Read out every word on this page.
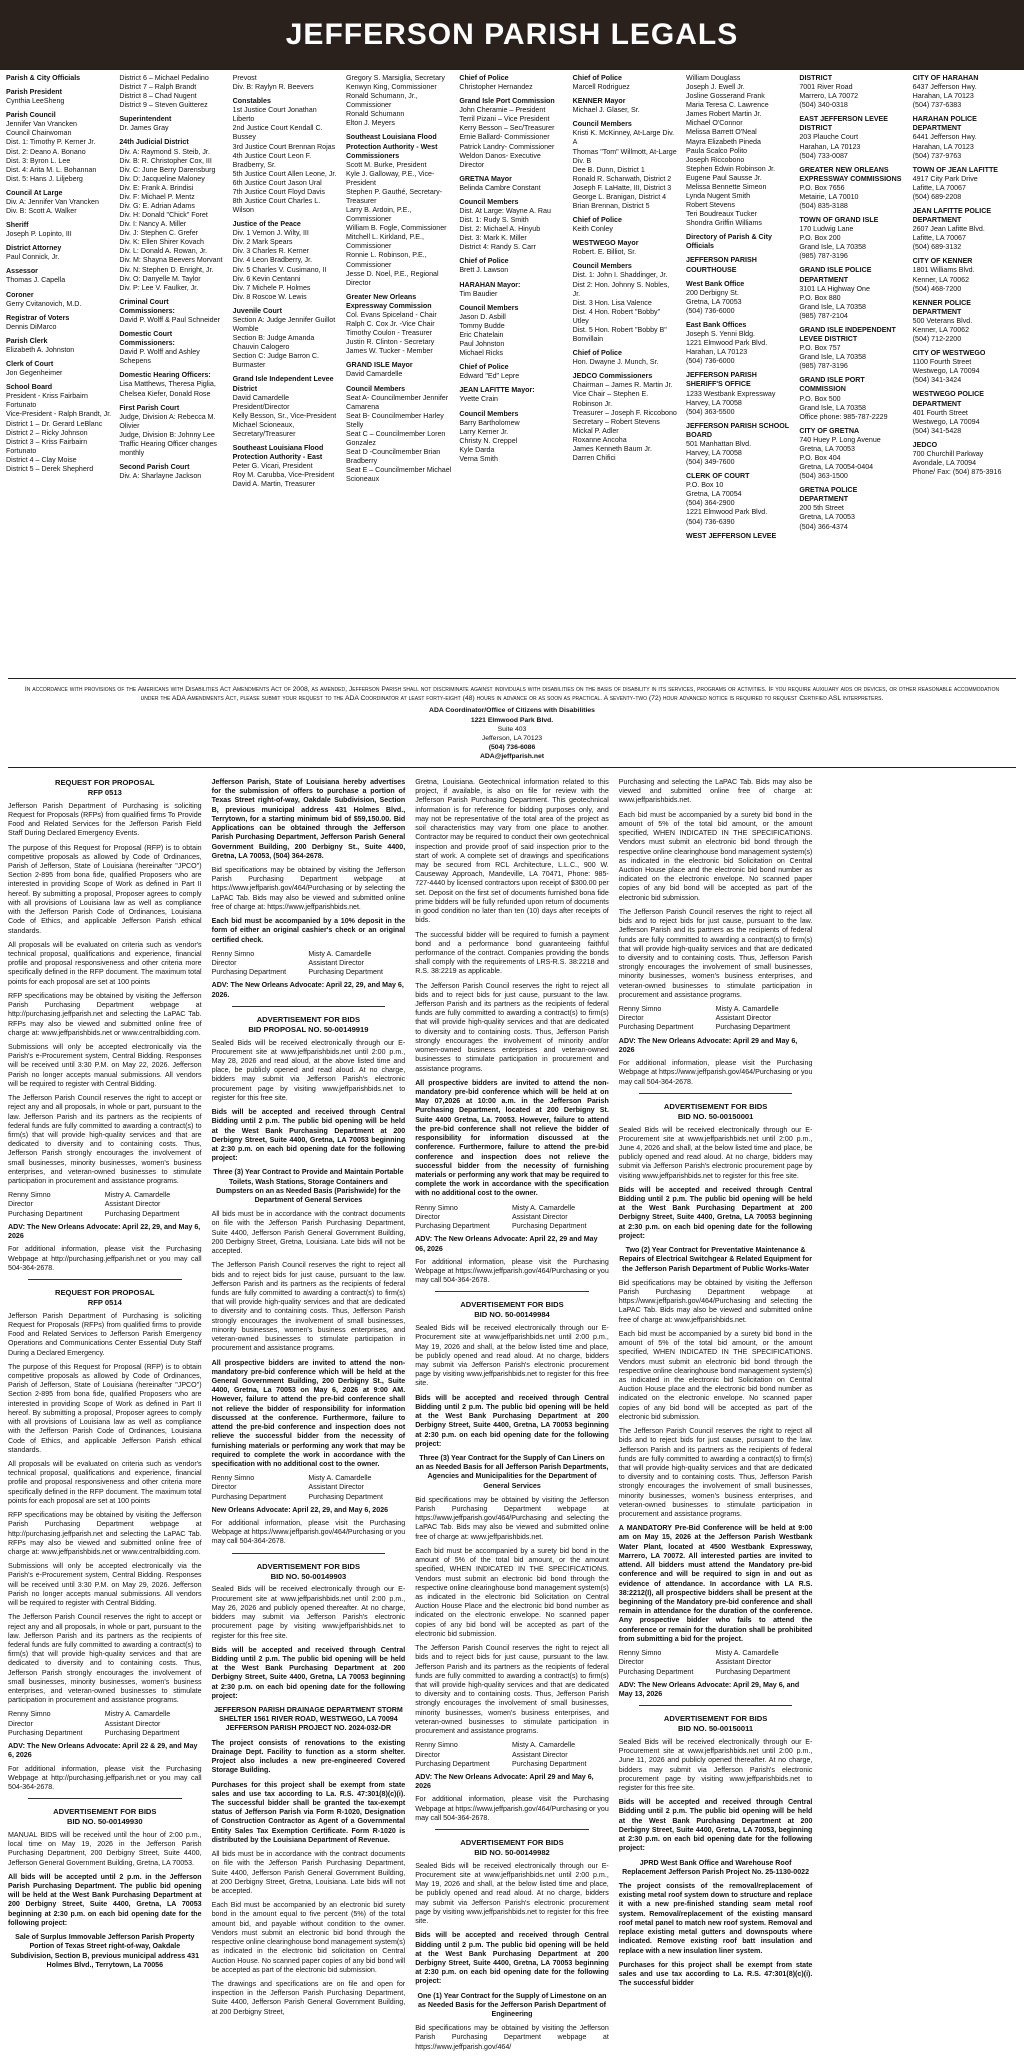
JEFFERSON PARISH LEGALS
Parish & City Officials
Parish President
Cynthia LeeSheng
Parish Council
Jennifer Van Vrancken
Council Chairwoman
Dist. 1: Timothy P. Kerner Jr.
Dist. 2: Deano A. Bonano
Dist. 3: Byron L. Lee
Dist. 4: Arita M. L. Bohannan
Dist. 5: Hans J. Liljeberg
Council At Large
Div. A: Jennifer Van Vrancken
Div. B: Scott A. Walker
Sheriff
Joseph P. Lopinto, III
District Attorney
Paul Connick, Jr.
Assessor
Thomas J. Capella
Coroner
Gerry Cvitanovich, M.D.
Registrar of Voters
Dennis DiMarco
Parish Clerk
Elizabeth A. Johnston
Clerk of Court
Jon Gegenheimer
School Board
President - Kriss Fairbairn Fortunato
Vice-President - Ralph Brandt, Jr.
District 1 – Dr. Gerard LeBlanc
District 2 – Ricky Johnson
District 3 – Kriss Fairbairn Fortunato
District 4 – Clay Moise
District 5 – Derek Shepherd
District 6 – Michael Pedalino
District 7 – Ralph Brandt
District 8 – Chad Nugent
District 9 – Steven Guitterez
Superintendent
Dr. James Gray
24th Judicial District
Div. A: Raymond S. Steib, Jr.
Div. B: R. Christopher Cox, III
Div. C: June Berry Darensburg
Div. D: Jacqueline Maloney
Div. E: Frank A. Brindisi
Div. F: Michael P. Mentz
Div. G: E. Adrian Adams
Div. H: Donald "Chick" Foret
Div. I: Nancy A. Miller
Div. J: Stephen C. Grefer
Div. K: Ellen Shirer Kovach
Div. L: Donald A. Rowan, Jr.
Div. M: Shayna Beevers Morvant
Div. N: Stephen D. Enright, Jr.
Div. O: Danyelle M. Taylor
Div. P: Lee V. Faulker, Jr.
Criminal Court Commissioners:
David P. Wolff & Paul Schneider
Domestic Court Commissioners:
David P. Wolff and Ashley Schepens
Domestic Hearing Officers:
Lisa Matthews, Theresa Piglia, Chelsea Kiefer, Donald Rose
First Parish Court
Judge, Division A: Rebecca M. Olivier
Judge, Division B: Johnny Lee
Traffic Hearing Officer changes monthly
Second Parish Court
Div. A: Sharlayne Jackson
Prevost
Div. B: Raylyn R. Beevers
Constables
1st Justice Court Jonathan Liberto
2nd Justice Court Kendall C. Bussey
3rd Justice Court Brennan Rojas
4th Justice Court Leon F. Bradberry, Sr.
5th Justice Court Allen Leone, Jr.
6th Justice Court Jason Ural
7th Justice Court Floyd Davis
8th Justice Court Charles L. Wilson
Justice of the Peace
Div. 1 Vernon J. Wilty, III
Div. 2 Mark Spears
Div. 3 Charles R. Kerner
Div. 4 Leon Bradberry, Jr.
Div. 5 Charles V. Cusimano, II
Div. 6 Kevin Centanni
Div. 7 Michele P. Holmes
Div. 8 Roscoe W. Lewis
Juvenile Court
Section A: Judge Jennifer Guillot Womble
Section B: Judge Amanda Chauvin Calogero
Section C: Judge Barron C. Burmaster
Grand Isle Independent Levee District
David Camardelle President/Director
Kelly Besson, Sr., Vice-President
Michael Scioneaux, Secretary/Treasurer
Southeast Louisiana Flood Protection Authority - East
Peter G. Vicari, President
Roy M. Carubba, Vice-President
David A. Martin, Treasurer
Gregory S. Marsiglia, Secretary
Kenwyn King, Commissioner
Ronald Schumann, Jr., Commissioner
Ronald Schumann
Elton J. Meyers
Southeast Louisiana Flood Protection Authority - West Commissioners
Scott M. Burke, President
Kyle J. Galloway, P.E., Vice-President
Stephen P. Gauthé, Secretary-Treasurer
Larry B. Ardoin, P.E., Commissioner
William B. Fogle, Commissioner
Mitchell L. Kirkland, P.E., Commissioner
Ronnie L. Robinson, P.E., Commissioner
Jesse D. Noel, P.E., Regional Director
Greater New Orleans Expressway Commission
Col. Evans Spiceland - Chair
Ralph C. Cox Jr. -Vice Chair
Timothy Coulon - Treasurer
Justin R. Clinton - Secretary
James W. Tucker - Member
GRAND ISLE Mayor
David Camardelle
Council Members
Seat A- Councilmember Jennifer Camarena
Seat B- Councilmember Harley Stelly
Seat C – Councilmember Loren Gonzalez
Seat D -Councilmember Brian Bradberry
Seat E – Councilmember Michael Scioneaux
Chief of Police
Christopher Hernandez
Grand Isle Port Commission
John Cheramie – President
Terril Pizani – Vice President
Kerry Besson – Sec/Treasurer
Ernie Ballard- Commissioner
Patrick Landry- Commissioner
Weldon Danos- Executive Director
GRETNA Mayor
Belinda Cambre Constant
Council Members
Dist. At Large: Wayne A. Rau
Dist. 1: Rudy S. Smith
Dist. 2: Michael A. Hinyub
Dist. 3: Mark K. Miller
District 4: Randy S. Carr
Chief of Police
Brett J. Lawson
HARAHAN Mayor:
Tim Baudier
Council Members
Jason D. Asbill
Tommy Budde
Eric Chatelain
Paul Johnston
Michael Ricks
Chief of Police
Edward "Ed" Lepre
JEAN LAFITTE Mayor:
Yvette Crain
Council Members
Barry Bartholomew
Larry Kerner Jr.
Christy N. Creppel
Kyle Darda
Verna Smith
Chief of Police
Marcell Rodriguez
KENNER Mayor
Michael J. Glaser, Sr.
Council Members
Kristi K. McKinney, At-Large Div. A
Thomas "Tom" Willmott, At-Large Div. B
Dee B. Dunn, District 1
Ronald R. Scharwath, District 2
Joseph F. LaHatte, III, District 3
George L. Branigan, District 4
Brian Brennan, District 5
Chief of Police
Keith Conley
WESTWEGO Mayor
Robert. E. Billiot, Sr.
Council Members
Dist. 1: John I. Shaddinger, Jr.
Dist 2: Hon. Johnny S. Nobles, Jr.
Dist. 3 Hon. Lisa Valence
Dist. 4 Hon. Robert "Bobby" Utley
Dist. 5 Hon. Robert "Bobby B" Bonvillain
Chief of Police
Hon. Dwayne J. Munch, Sr.
JEDCO Commissioners
Chairman – James R. Martin Jr.
Vice Chair – Stephen E. Robinson Jr.
Treasurer – Joseph F. Riccobono
Secretary – Robert Stevens
Mickal P. Adler
Roxanne Ancoha
James Kenneth Baum Jr.
Darren Chifici
William Douglass
Joseph J. Ewell Jr.
Josline Gosserand Frank
Maria Teresa C. Lawrence
James Robert Martin Jr.
Michael O'Connor
Melissa Barrett O'Neal
Mayra Elizabeth Pineda
Paula Scalco Polito
Joseph Riccobono
Stephen Edwin Robinson Jr.
Eugene Paul Sausse Jr.
Melissa Bennette Simeon
Lynda Nugent Smith
Robert Stevens
Teri Boudreaux Tucker
Shondra Griffin Williams
Directory of Parish & City Officials
JEFFERSON PARISH COURTHOUSE
West Bank Office
200 Derbigny St.
Gretna, LA 70053
(504) 736-6000
East Bank Offices
Joseph S. Yenni Bldg.
1221 Elmwood Park Blvd.
Harahan, LA 70123
(504) 736-6000
JEFFERSON PARISH SHERIFF'S OFFICE
1233 Westbank Expressway
Harvey, LA 70058
(504) 363-5500
JEFFERSON PARISH SCHOOL BOARD
501 Manhattan Blvd.
Harvey, LA 70058
(504) 349-7600
CLERK OF COURT
P.O. Box 10
Gretna, LA 70054
(504) 364-2900
1221 Elmwood Park Blvd.
(504) 736-6390
WEST JEFFERSON LEVEE
DISTRICT
7001 River Road
Marrero, LA 70072
(504) 340-0318
EAST JEFFERSON LEVEE DISTRICT
203 Plauche Court
Harahan, LA 70123
(504) 733-0087
GREATER NEW ORLEANS EXPRESSWAY COMMISSIONS
P.O. Box 7656
Metairie, LA 70010
(504) 835-3188
TOWN OF GRAND ISLE
170 Ludwig Lane
P.O. Box 200
Grand Isle, LA 70358
(985) 787-3196
GRAND ISLE POLICE DEPARTMENT
3101 LA Highway One
P.O. Box 880
Grand Isle, LA 70358
(985) 787-2104
GRAND ISLE INDEPENDENT LEVEE DISTRICT
P.O. Box 757
Grand Isle, LA 70358
(985) 787-3196
GRAND ISLE PORT COMMISSION
P.O. Box 500
Grand Isle, LA 70358
Office phone: 985-787-2229
CITY OF GRETNA
740 Huey P. Long Avenue
Gretna, LA 70053
P.O. Box 404
Gretna, LA 70054-0404
(504) 363-1500
GRETNA POLICE DEPARTMENT
200 5th Street
Gretna, LA 70053
(504) 366-4374
CITY OF HARAHAN
6437 Jefferson Hwy.
Harahan, LA 70123
(504) 737-6383
HARAHAN POLICE DEPARTMENT
6441 Jefferson Hwy.
Harahan, LA 70123
(504) 737-9763
TOWN OF JEAN LAFITTE
4917 City Park Drive
Lafitte, LA 70067
(504) 689-2208
JEAN LAFITTE POLICE DEPARTMENT
2607 Jean Lafitte Blvd.
Lafitte, LA 70067
(504) 689-3132
CITY OF KENNER
1801 Williams Blvd.
Kenner, LA 70062
(504) 468-7200
KENNER POLICE DEPARTMENT
500 Veterans Blvd.
Kenner, LA 70062
(504) 712-2200
CITY OF WESTWEGO
1100 Fourth Street
Westwego, LA 70094
(504) 341-3424
WESTWEGO POLICE DEPARTMENT
401 Fourth Street
Westwego, LA 70094
(504) 341-5428
JEDCO
700 Churchill Parkway
Avondale, LA 70094
Phone/ Fax: (504) 875-3916
In accordance with provisions of the Americans with Disabilities Act Amendments Act of 2008, as amended, Jefferson Parish shall not discriminate against individuals with disabilities on the basis of disability in its services, programs or activities. If you require auxiliary aids or devices, or other reasonable accommodation under the ADA Amendments Act, please submit your request to the ADA Coordinator at least forty-eight (48) hours in advance or as soon as practical. A seventy-two (72) hour advanced notice is required to request Certified ASL interpreters.
ADA Coordinator/Office of Citizens with Disabilities
1221 Elmwood Park Blvd.
Suite 403
Jefferson, LA 70123
(504) 736-6086
ADA@jeffparish.net
REQUEST FOR PROPOSAL
RFP 0513

Jefferson Parish Department of Purchasing is soliciting Request for Proposals (RFPs) from qualified firms To Provide Food and Related Services for the Jefferson Parish Field Staff During Declared Emergency Events.

The purpose of this Request for Proposal (RFP) is to obtain competitive proposals as allowed by Code of Ordinances, Parish of Jefferson, State of Louisiana (hereinafter "JPCO") Section 2-895 from bona fide, qualified Proposers who are interested in providing Scope of Work as defined in Part II hereof. By submitting a proposal, Proposer agrees to comply with all provisions of Louisiana law as well as compliance with the Jefferson Parish Code of Ordinances, Louisiana Code of Ethics, and applicable Jefferson Parish ethical standards.

All proposals will be evaluated on criteria such as vendor's technical proposal, qualifications and experience, financial profile and proposal responsiveness and other criteria more specifically defined in the RFP document. The maximum total points for each proposal are set at 100 points

RFP specifications may be obtained by visiting the Jefferson Parish Purchasing Department webpage at http://purchasing.jeffparish.net and selecting the LaPAC Tab. RFPs may also be viewed and submitted online free of charge at: www.jeffparishbids.net or www.centralbidding.com.

Submissions will only be accepted electronically via the Parish's e-Procurement system, Central Bidding. Responses will be received until 3:30 P.M. on May 22, 2026. Jefferson Parish no longer accepts manual submissions. All vendors will be required to register with Central Bidding.

The Jefferson Parish Council reserves the right to accept or reject any and all proposals, in whole or part, pursuant to the law. Jefferson Parish and its partners as the recipients of federal funds are fully committed to awarding a contract(s) to firm(s) that will provide high-quality services and that are dedicated to diversity and to containing costs. Thus, Jefferson Parish strongly encourages the involvement of small businesses, minority businesses, women's business enterprises, and veteran-owned businesses to stimulate participation in procurement and assistance programs.

Renny Simno	Mistry A. Camardelle
Director	Assistant Director
Purchasing Department	Purchasing Department
ADV: The New Orleans Advocate: April 22, 29, and May 6, 2026

For additional information, please visit the Purchasing Webpage at http://purchasing.jeffparish.net or you may call 504-364-2678.

REQUEST FOR PROPOSAL
RFP 0514

Jefferson Parish Department of Purchasing is soliciting Request for Proposals (RFPs) from qualified firms to provide Food and Related Services to Jefferson Parish Emergency Operations and Communications Center Essential Duty Staff During a Declared Emergency.

The purpose of this Request for Proposal (RFP) is to obtain competitive proposals as allowed by Code of Ordinances, Parish of Jefferson, State of Louisiana (hereinafter "JPCO") Section 2-895 from bona fide, qualified Proposers who are interested in providing Scope of Work as defined in Part II hereof. By submitting a proposal, Proposer agrees to comply with all provisions of Louisiana law as well as compliance with the Jefferson Parish Code of Ordinances, Louisiana Code of Ethics, and applicable Jefferson Parish ethical standards.

All proposals will be evaluated on criteria such as vendor's technical proposal, qualifications and experience, financial profile and proposal responsiveness and other criteria more specifically defined in the RFP document. The maximum total points for each proposal are set at 100 points

RFP specifications may be obtained by visiting the Jefferson Parish Purchasing Department webpage at http://purchasing.jeffparish.net and selecting the LaPAC Tab. RFPs may also be viewed and submitted online free of charge at: www.jeffparishbids.net or www.centralbidding.com.

Submissions will only be accepted electronically via the Parish's e-Procurement system, Central Bidding. Responses will be received until 3:30 P.M. on May 29, 2026. Jefferson Parish no longer accepts manual submissions. All vendors will be required to register with Central Bidding.

The Jefferson Parish Council reserves the right to accept or reject any and all proposals, in whole or part, pursuant to the law. Jefferson Parish and its partners as the recipients of federal funds are fully committed to awarding a contract(s) to firm(s) that will provide high-quality services and that are dedicated to diversity and to containing costs. Thus, Jefferson Parish strongly encourages the involvement of small businesses, minority businesses, women's business enterprises, and veteran-owned businesses to stimulate participation in procurement and assistance programs.

Renny Simno	Mistry A. Camardelle
Director	Assistant Director
Purchasing Department	Purchasing Department
ADV: The New Orleans Advocate: April 22 & 29, and May 6, 2026

For additional information, please visit the Purchasing Webpage at http://purchasing.jeffparish.net or you may call 504-364-2678.

ADVERTISEMENT FOR BIDS
BID NO. 50-00149930

MANUAL BIDS will be received until the hour of 2:00 p.m., local time on May 19, 2026 in the Jefferson Parish Purchasing Department, 200 Derbigny Street, Suite 4400, Jefferson General Government Building, Gretna, LA 70053.

All bids will be accepted until 2 p.m. in the Jefferson Parish Purchasing Department. The public bid opening will be held at the West Bank Purchasing Department at 200 Derbigny Street, Suite 4400, Gretna, LA 70053 beginning at 2:30 p.m. on each bid opening date for the following project:

Sale of Surplus Immovable Jefferson Parish Property Portion of Texas Street right-of-way, Oakdale Subdivision, Section B, previous municipal address 431 Holmes Blvd., Terrytown, La 70056

Jefferson Parish, State of Louisiana hereby advertises for the submission of offers to purchase a portion of Texas Street right-of-way, Oakdale Subdivision, Section B, previous municipal address 431 Holmes Blvd., Terrytown, for a starting minimum bid of $59,150.00. Bid Applications can be obtained through the Jefferson Parish Purchasing Department, Jefferson Parish General Government Building, 200 Derbigny St., Suite 4400, Gretna, LA 70053, (504) 364-2678.

Bid specifications may be obtained by visiting the Jefferson Parish Purchasing Department webpage at https://www.jeffparish.gov/464/Purchasing or by selecting the LaPAC Tab. Bids may also be viewed and submitted online free of charge at: https://www.jeffparishbids.net.

Each bid must be accompanied by a 10% deposit in the form of either an original cashier's check or an original certified check.

Renny Simno	Misty A. Camardelle
Director	Assistant Director
Purchasing Department	Purchasing Department
ADV: The New Orleans Advocate: April 22, 29, and May 6, 2026.
ADVERTISEMENT FOR BIDS
BID PROPOSAL NO. 50-00149919

Sealed Bids will be received electronically through our E-Procurement site at www.jeffparishbids.net until 2:00 p.m., May 28, 2026 and read aloud, at the above listed time and place, be publicly opened and read aloud. At no charge, bidders may submit via Jefferson Parish's electronic procurement page by visiting www.jeffparishbids.net to register for this free site.

Bids will be accepted and received through Central Bidding until 2 p.m. The public bid opening will be held at the West Bank Purchasing Department at 200 Derbigny Street, Suite 4400, Gretna, LA 70053 beginning at 2:30 p.m. on each bid opening date for the following project:

Three (3) Year Contract to Provide and Maintain Portable Toilets, Wash Stations, Storage Containers and Dumpsters on an as Needed Basis (Parishwide) for the Department of General Services

All bids must be in accordance with the contract documents on file with the Jefferson Parish Purchasing Department, Suite 4400, Jefferson Parish General Government Building, 200 Derbigny Street, Gretna, Louisiana. Late bids will not be accepted.

The Jefferson Parish Council reserves the right to reject all bids and to reject bids for just cause, pursuant to the law. Jefferson Parish and its partners as the recipients of federal funds are fully committed to awarding a contract(s) to firm(s) that will provide high-quality services and that are dedicated to diversity and to containing costs. Thus, Jefferson Parish strongly encourages the involvement of small businesses, minority businesses, women's business enterprises, and veteran-owned businesses to stimulate participation in procurement and assistance programs.

All prospective bidders are invited to attend the non-mandatory pre-bid conference which will be held at the General Government Building, 200 Derbigny St., Suite 4400, Gretna, La 70053 on May 6, 2026 at 9:00 AM. However, failure to attend the pre-bid conference shall not relieve the bidder of responsibility for information discussed at the conference. Furthermore, failure to attend the pre-bid conference and inspection does not relieve the successful bidder from the necessity of furnishing materials or performing any work that may be required to complete the work in accordance with the specification with no additional cost to the owner.

Renny Simno	Misty A. Camardelle
Director	Assistant Director
Purchasing Department	Purchasing Department
New Orleans Advocate: April 22, 29, and May 6, 2026

For additional information, please visit the Purchasing Webpage at https://www.jeffparish.gov/464/Purchasing or you may call 504-364-2678.

ADVERTISEMENT FOR BIDS
BID NO. 50-00149903

Sealed Bids will be received electronically through our E-Procurement site at www.jeffparishbids.net until 2:00 p.m., May 26, 2026 and publicly opened thereafter. At no charge, bidders may submit via Jefferson Parish's electronic procurement page by visiting www.jeffparishbids.net to register for this free site.

Bids will be accepted and received through Central Bidding until 2 p.m. The public bid opening will be held at the West Bank Purchasing Department at 200 Derbigny Street, Suite 4400, Gretna, LA 70053 beginning at 2:30 p.m. on each bid opening date for the following project:

JEFFERSON PARISH DRAINAGE DEPARTMENT STORM SHELTER 1561 RIVER ROAD, WESTWEGO, LA 70094 JEFFERSON PARISH PROJECT NO. 2024-032-DR

The project consists of renovations to the existing Drainage Dept. Facility to function as a storm shelter. Project also includes a new pre-engineered Covered Storage Building.

Purchases for this project shall be exempt from state sales and use tax according to La. R.S. 47:301(8)(c)(i). The successful bidder shall be granted the tax-exempt status of Jefferson Parish via Form R-1020, Designation of Construction Contractor as Agent of a Governmental Entity Sales Tax Exemption Certificate. Form R-1020 is distributed by the Louisiana Department of Revenue.

All bids must be in accordance with the contract documents on file with the Jefferson Parish Purchasing Department, Suite 4400, Jefferson Parish General Government Building, at 200 Derbigny Street, Gretna, Louisiana. Late bids will not be accepted.

Each Bid must be accompanied by an electronic bid surety bond in the amount equal to five percent (5%) of the total amount bid, and payable without condition to the owner. Vendors must submit an electronic bid bond through the respective online clearinghouse bond management system(s) as indicated in the electronic bid solicitation on Central Auction House. No scanned paper copies of any bid bond will be accepted as part of the electronic bid submission.

The drawings and specifications are on file and open for inspection in the Jefferson Parish Purchasing Department, Suite 4400, Jefferson Parish General Government Building, at 200 Derbigny Street,

Gretna, Louisiana. Geotechnical information related to this project, if available, is also on file for review with the Jefferson Parish Purchasing Department. This geotechnical information is for reference for bidding purposes only, and may not be representative of the total area of the project as soil characteristics may vary from one place to another. Contractor may be required to conduct their own geotechnical inspection and provide proof of said inspection prior to the start of work. A complete set of drawings and specifications may be secured from RCL Architecture, L.L.C., 900 W. Causeway Approach, Mandeville, LA 70471, Phone: 985-727-4440 by licensed contractors upon receipt of $300.00 per set. Deposit on the first set of documents furnished bona fide prime bidders will be fully refunded upon return of documents in good condition no later than ten (10) days after receipts of bids.

The successful bidder will be required to furnish a payment bond and a performance bond guaranteeing faithful performance of the contract. Companies providing the bonds shall comply with the requirements of LRS-R.S. 38:2218 and R.S. 38:2219 as applicable.

The Jefferson Parish Council reserves the right to reject all bids and to reject bids for just cause, pursuant to the law. Jefferson Parish and its partners as the recipients of federal funds are fully committed to awarding a contract(s) to firm(s) that will provide high-quality services and that are dedicated to diversity and to containing costs. Thus, Jefferson Parish strongly encourages the involvement of minority and/or women-owned business enterprises and veteran-owned businesses to stimulate participation in procurement and assistance programs.

All prospective bidders are invited to attend the non-mandatory pre-bid conference which will be held at on May 07,2026 at 10:00 a.m. in the Jefferson Parish Purchasing Department, located at 200 Derbigny St. Suite 4400 Gretna, La. 70053. However, failure to attend the pre-bid conference shall not relieve the bidder of responsibility for information discussed at the conference. Furthermore, failure to attend the pre-bid conference and inspection does not relieve the successful bidder from the necessity of furnishing materials or performing any work that may be required to complete the work in accordance with the specification with no additional cost to the owner.

Renny Simno	Misty A. Camardelle
Director	Assistant Director
Purchasing Department	Purchasing Department
ADV: The New Orleans Advocate: April 22, 29 and May 06, 2026

For additional information, please visit the Purchasing Webpage at https://www.jeffparish.gov/464/Purchasing or you may call 504-364-2678.

ADVERTISEMENT FOR BIDS
BID NO. 50-00149984

Sealed Bids will be received electronically through our E-Procurement site at www.jeffparishbids.net until 2:00 p.m., May 19, 2026 and shall, at the below listed time and place, be publicly opened and read aloud. At no charge, bidders may submit via Jefferson Parish's electronic procurement page by visiting www.jeffparishbids.net to register for this free site.

Bids will be accepted and received through Central Bidding until 2 p.m. The public bid opening will be held at the West Bank Purchasing Department at 200 Derbigny Street, Suite 4400, Gretna, LA 70053 beginning at 2:30 p.m. on each bid opening date for the following project:

Three (3) Year Contract for the Supply of Can Liners on an as Needed Basis for all Jefferson Parish Departments, Agencies and Municipalities for the Department of General Services

Bid specifications may be obtained by visiting the Jefferson Parish Purchasing Department webpage at https://www.jeffparish.gov/464/Purchasing and selecting the LaPAC Tab. Bids may also be viewed and submitted online free of charge at: www.jeffparishbids.net.

Each bid must be accompanied by a surety bid bond in the amount of 5% of the total bid amount, or the amount specified, WHEN INDICATED IN THE SPECIFICATIONS. Vendors must submit an electronic bid bond through the respective online clearinghouse bond management system(s) as indicated in the electronic bid Solicitation on Central Auction House Place and the electronic bid bond number as indicated on the electronic envelope. No scanned paper copies of any bid bond will be accepted as part of the electronic bid submission.

The Jefferson Parish Council reserves the right to reject all bids and to reject bids for just cause, pursuant to the law. Jefferson Parish and its partners as the recipients of federal funds are fully committed to awarding a contract(s) to firm(s) that will provide high-quality services and that are dedicated to diversity and to containing costs. Thus, Jefferson Parish strongly encourages the involvement of small businesses, minority businesses, women's business enterprises, and veteran-owned businesses to stimulate participation in procurement and assistance programs.

Renny Simno	Misty A. Camardelle
Director	Assistant Director
Purchasing Department	Purchasing Department
ADV: The New Orleans Advocate: April 29 and May 6, 2026

For additional information, please visit the Purchasing Webpage at https://www.jeffparish.gov/464/Purchasing or you may call 504-364-2678.

ADVERTISEMENT FOR BIDS
BID NO. 50-00149982

Sealed Bids will be received electronically through our E-Procurement site at www.jeffparishbids.net until 2:00 p.m., May 19, 2026 and shall, at the below listed time and place, be publicly opened and read aloud. At no charge, bidders may submit via Jefferson Parish's electronic procurement page by visiting www.jeffparishbids.net to register for this free site.

Bids will be accepted and received through Central Bidding until 2 p.m. The public bid opening will be held at the West Bank Purchasing Department at 200 Derbigny Street, Suite 4400, Gretna, LA 70053 beginning at 2:30 p.m. on each bid opening date for the following project:

One (1) Year Contract for the Supply of Limestone on an as Needed Basis for the Jefferson Parish Department of Engineering

Bid specifications may be obtained by visiting the Jefferson Parish Purchasing Department webpage at https://www.jeffparish.gov/464/

Purchasing and selecting the LaPAC Tab. Bids may also be viewed and submitted online free of charge at: www.jeffparishbids.net.

Each bid must be accompanied by a surety bid bond in the amount of 5% of the total bid amount, or the amount specified, WHEN INDICATED IN THE SPECIFICATIONS. Vendors must submit an electronic bid bond through the respective online clearinghouse bond management system(s) as indicated in the electronic bid Solicitation on Central Auction House place and the electronic bid bond number as indicated on the electronic envelope. No scanned paper copies of any bid bond will be accepted as part of the electronic bid submission.

The Jefferson Parish Council reserves the right to reject all bids and to reject bids for just cause, pursuant to the law. Jefferson Parish and its partners as the recipients of federal funds are fully committed to awarding a contract(s) to firm(s) that will provide high-quality services and that are dedicated to diversity and to containing costs. Thus, Jefferson Parish strongly encourages the involvement of small businesses, minority businesses, women's business enterprises, and veteran-owned businesses to stimulate participation in procurement and assistance programs.

Renny Simno	Misty A. Camardelle
Director	Assistant Director
Purchasing Department	Purchasing Department
ADV: The New Orleans Advocate: April 29 and May 6, 2026

For additional information, please visit the Purchasing Webpage at https://www.jeffparish.gov/464/Purchasing or you may call 504-364-2678.

ADVERTISEMENT FOR BIDS
BID NO. 50-00150001

Sealed Bids will be received electronically through our E-Procurement site at www.jeffparishbids.net until 2:00 p.m., June 4, 2026 and shall, at the below listed time and place, be publicly opened and read aloud. At no charge, bidders may submit via Jefferson Parish's electronic procurement page by visiting www.jeffparishbids.net to register for this free site.

Bids will be accepted and received through Central Bidding until 2 p.m. The public bid opening will be held at the West Bank Purchasing Department at 200 Derbigny Street, Suite 4400, Gretna, LA 70053 beginning at 2:30 p.m. on each bid opening date for the following project:

Two (2) Year Contract for Preventative Maintenance & Repairs of Electrical Switchgear & Related Equipment for the Jefferson Parish Department of Public Works-Water

Bid specifications may be obtained by visiting the Jefferson Parish Purchasing Department webpage at https://www.jeffparish.gov/464/Purchasing and selecting the LaPAC Tab. Bids may also be viewed and submitted online free of charge at: www.jeffparishbids.net.

Each bid must be accompanied by a surety bid bond in the amount of 5% of the total bid amount, or the amount specified, WHEN INDICATED IN THE SPECIFICATIONS. Vendors must submit an electronic bid bond through the respective online clearinghouse bond management system(s) as indicated in the electronic bid Solicitation on Central Auction House place and the electronic bid bond number as indicated on the electronic envelope. No scanned paper copies of any bid bond will be accepted as part of the electronic bid submission.

The Jefferson Parish Council reserves the right to reject all bids and to reject bids for just cause, pursuant to the law. Jefferson Parish and its partners as the recipients of federal funds are fully committed to awarding a contract(s) to firm(s) that will provide high-quality services and that are dedicated to diversity and to containing costs. Thus, Jefferson Parish strongly encourages the involvement of small businesses, minority businesses, women's business enterprises, and veteran-owned businesses to stimulate participation in procurement and assistance programs.

A MANDATORY Pre-Bid Conference will be held at 9:00 am on May 15, 2026 at the Jefferson Parish Westbank Water Plant, located at 4500 Westbank Expressway, Marrero, LA 70072. All interested parties are invited to attend. All bidders must attend the Mandatory pre-bid conference and will be required to sign in and out as evidence of attendance. In accordance with LA R.S. 38:2212(I), all prospective bidders shall be present at the beginning of the Mandatory pre-bid conference and shall remain in attendance for the duration of the conference. Any prospective bidder who fails to attend the conference or remain for the duration shall be prohibited from submitting a bid for the project.

Renny Simno	Misty A. Camardelle
Director	Assistant Director
Purchasing Department	Purchasing Department
ADV: The New Orleans Advocate: April 29, May 6, and May 13, 2026
ADVERTISEMENT FOR BIDS
BID NO. 50-00150011

Sealed Bids will be received electronically through our E-Procurement site at www.jeffparishbids.net until 2:00 p.m., June 11, 2026 and publicly opened thereafter. At no charge, bidders may submit via Jefferson Parish's electronic procurement page by visiting www.jeffparishbids.net to register for this free site.

Bids will be accepted and received through Central Bidding until 2 p.m. The public bid opening will be held at the West Bank Purchasing Department at 200 Derbigny Street, Suite 4400, Gretna, LA 70053, beginning at 2:30 p.m. on each bid opening date for the following project:

JPRD West Bank Office and Warehouse Roof Replacement Jefferson Parish Project No. 25-1130-0022

The project consists of the removal/replacement of existing metal roof system down to structure and replace it with a new pre-finished standing seam metal roof system. Removal/replacement of the existing mansard roof metal panel to match new roof system. Removal and replace existing metal gutters and downspouts where indicated. Remove existing roof batt insulation and replace with a new insulation liner system.

Purchases for this project shall be exempt from state sales and use tax according to La. R.S. 47:301(8)(c)(i). The successful bidder
